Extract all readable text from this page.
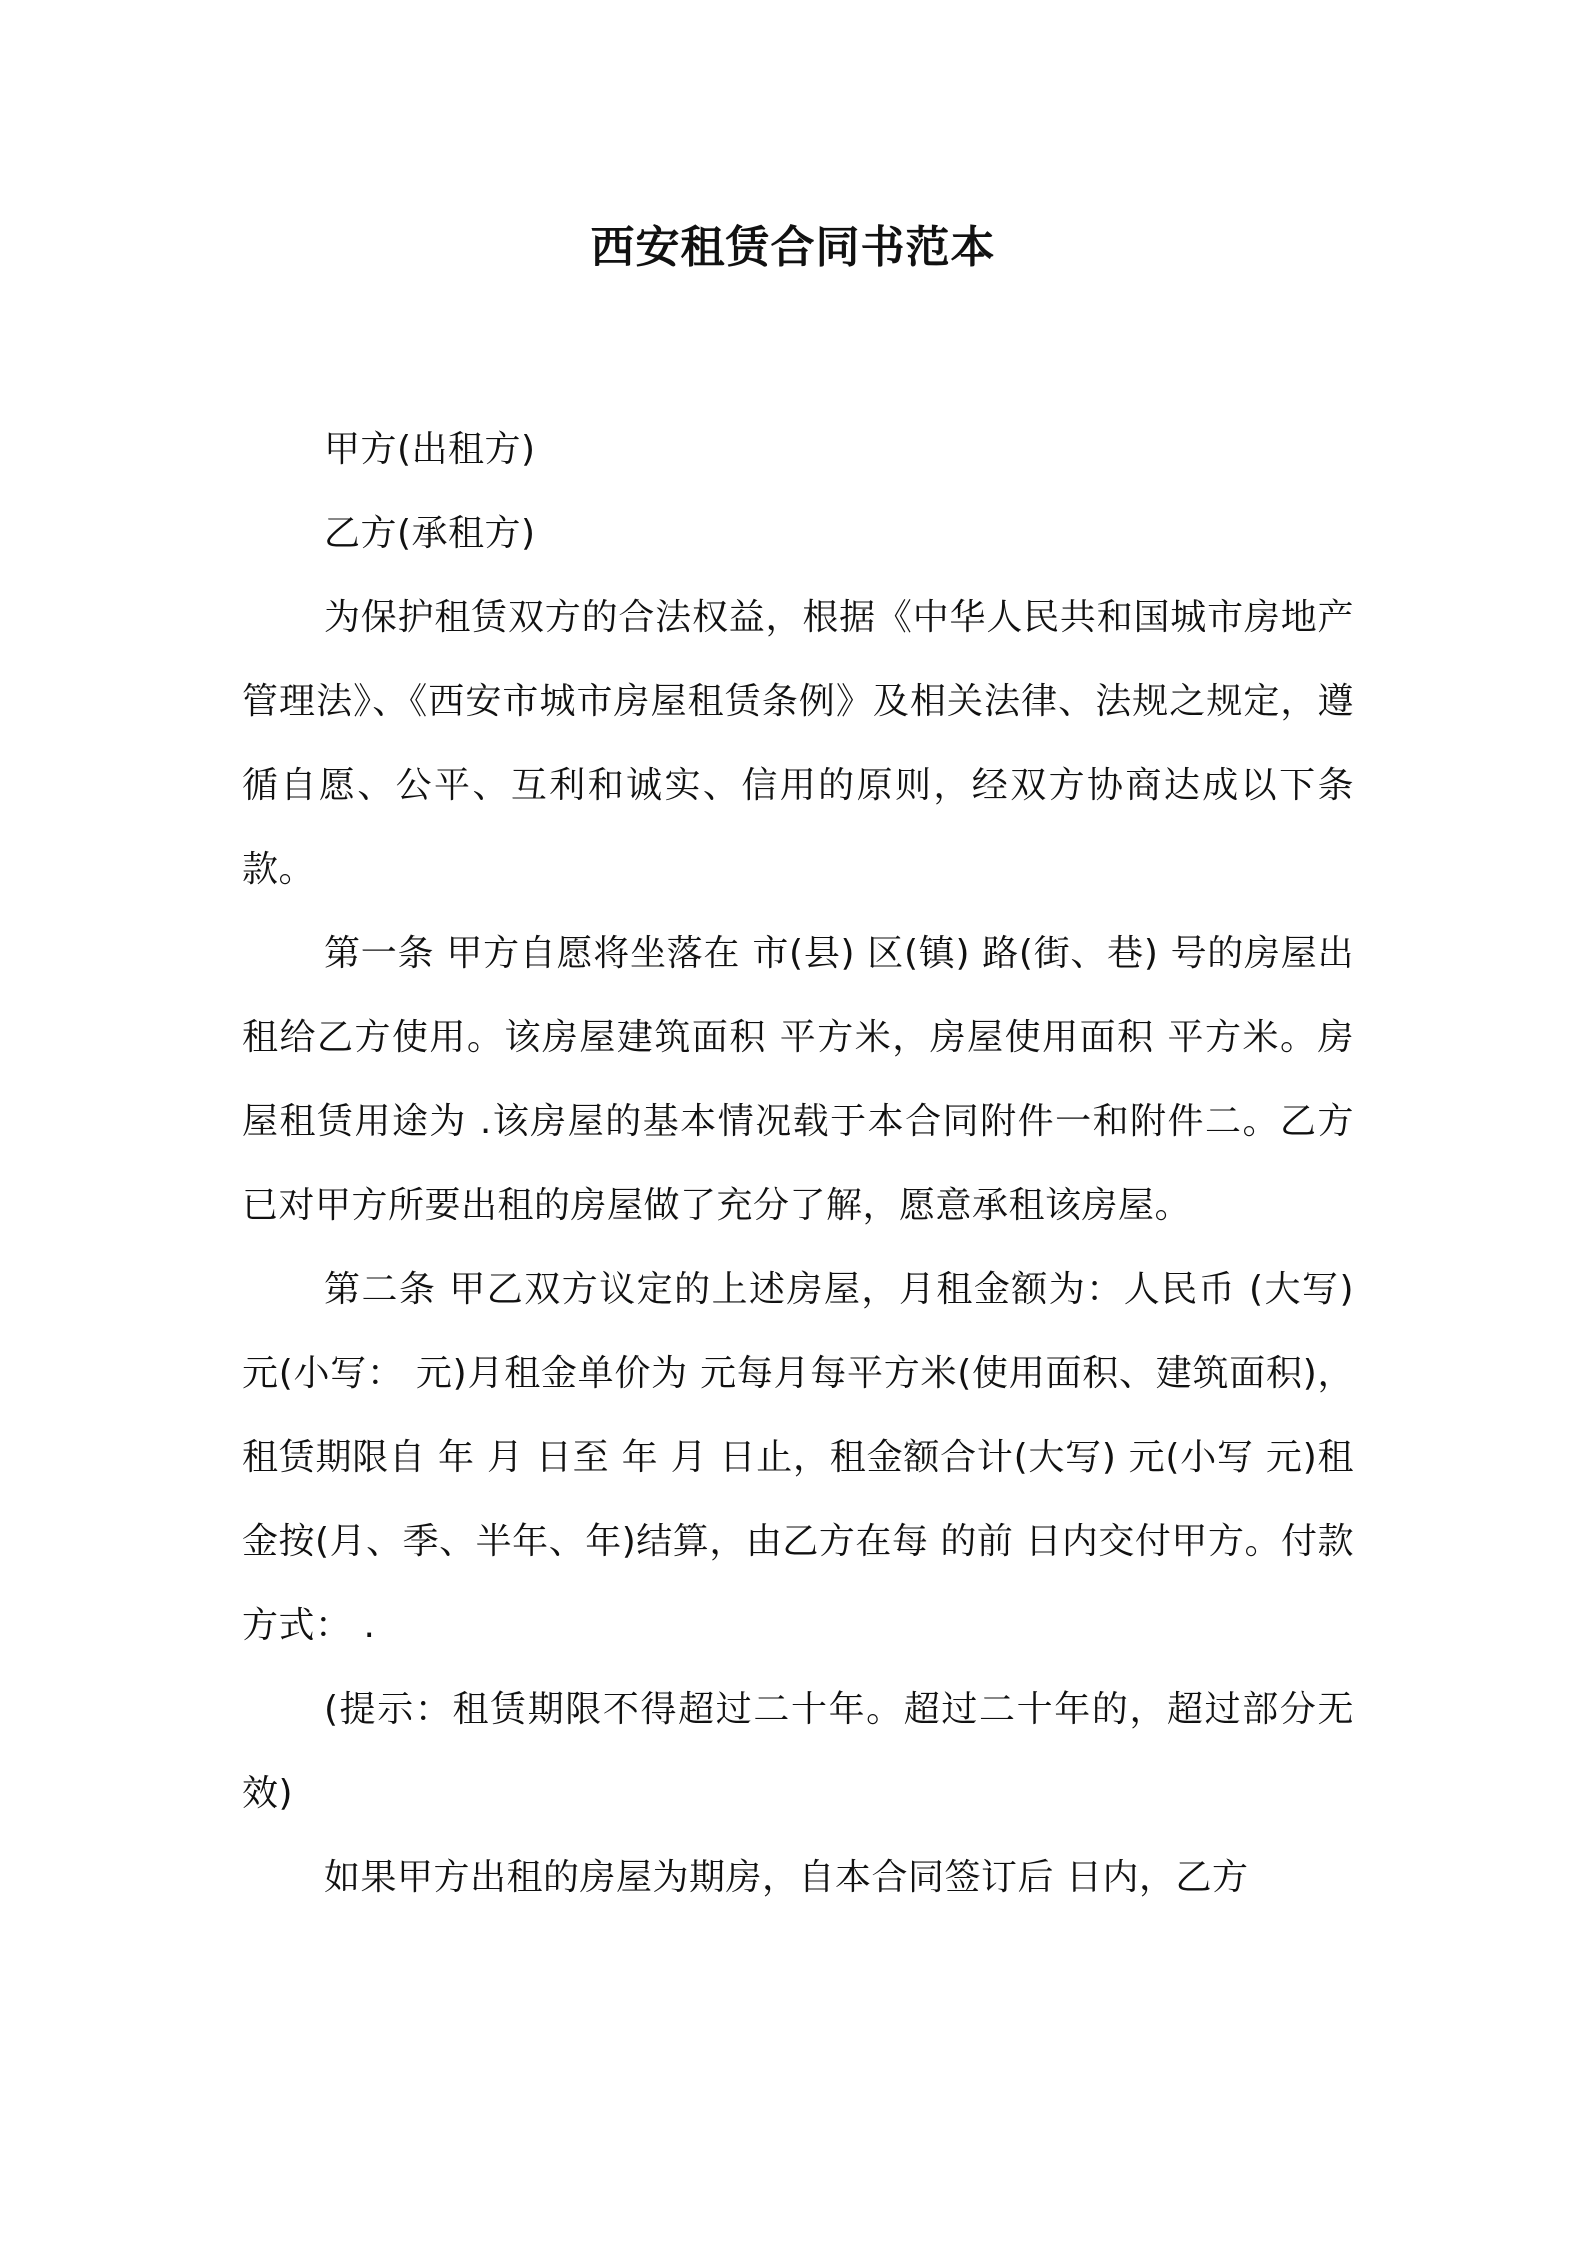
西安租赁合同书范本

甲方(出租方)

乙方(承租方)

为保护租赁双方的合法权益，根据《中华人民共和国城市房地产管理法》、《西安市城市房屋租赁条例》及相关法律、法规之规定，遵循自愿、公平、互利和诚实、信用的原则，经双方协商达成以下条款。

第一条 甲方自愿将坐落在 市(县) 区(镇) 路(街、巷) 号的房屋出租给乙方使用。该房屋建筑面积 平方米，房屋使用面积 平方米。房屋租赁用途为 .该房屋的基本情况载于本合同附件一和附件二。乙方已对甲方所要出租的房屋做了充分了解，愿意承租该房屋。

第二条 甲乙双方议定的上述房屋，月租金额为：人民币 (大写) 元(小写： 元)月租金单价为 元每月每平方米(使用面积、建筑面积)，租赁期限自 年 月 日至 年 月 日止，租金额合计(大写) 元(小写 元)租金按(月、季、半年、年)结算，由乙方在每 的前 日内交付甲方。付款方式： .

(提示：租赁期限不得超过二十年。超过二十年的，超过部分无效)

如果甲方出租的房屋为期房，自本合同签订后 日内，乙方
